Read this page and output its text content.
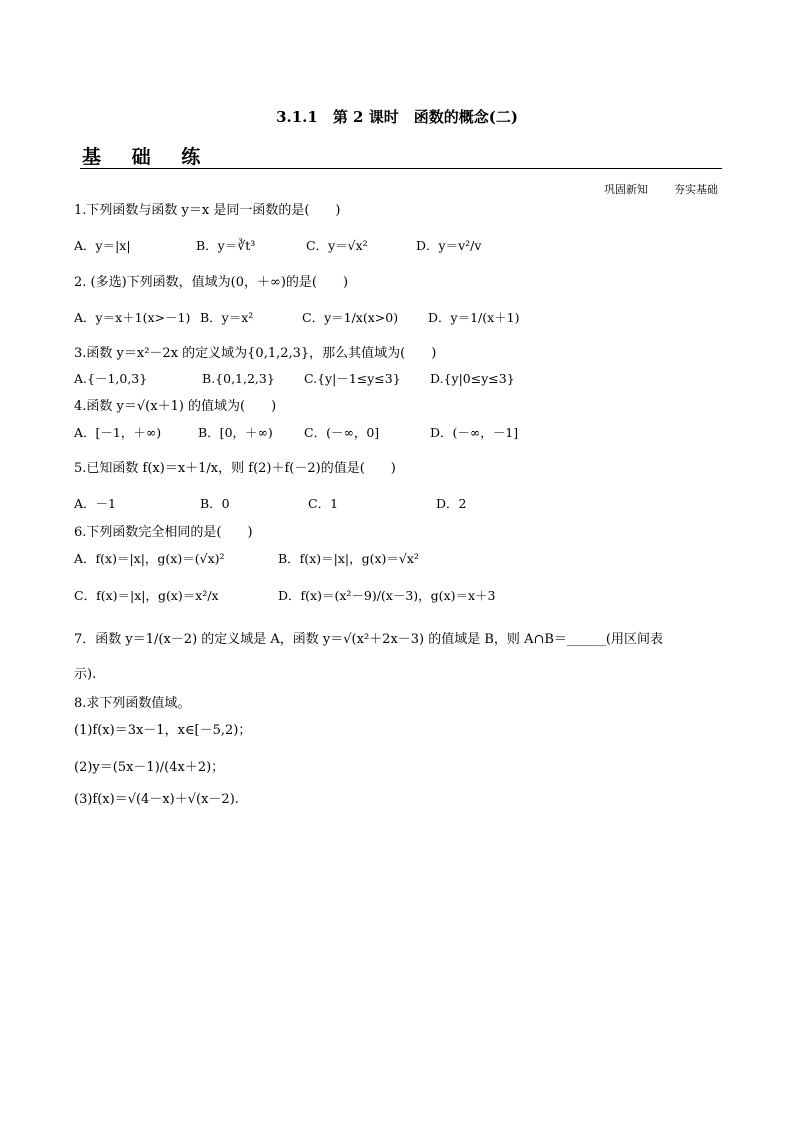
3.1.1　第 2 课时　函数的概念(二)
基 础 练
巩固新知 夯实基础
1.下列函数与函数 y＝x 是同一函数的是(　　)
A．y＝|x|	B．y＝∛t³	C．y＝√x²	D．y＝v²/v
2. (多选)下列函数，值域为(0，＋∞)的是(　　)
A．y＝x＋1(x>－1) B．y＝x²	C．y＝1/x(x>0) D．y＝1/(x＋1)
3.函数 y＝x²－2x 的定义域为{0,1,2,3}，那么其值域为(　　)
A.{－1,0,3}	B.{0,1,2,3} C.{y|－1≤y≤3} D.{y|0≤y≤3}
4.函数 y＝√(x＋1) 的值域为(　　)
A．[－1，＋∞)	B．[0，＋∞) C．(－∞，0]	D．(－∞，－1]
5.已知函数 f(x)＝x＋1/x，则 f(2)＋f(－2)的值是(　　)
A．－1	B．0	C．1	D．2
6.下列函数完全相同的是(　　)
A．f(x)＝|x|，g(x)＝(√x)²	B．f(x)＝|x|，g(x)＝√x²
C．f(x)＝|x|，g(x)＝x²/x	D．f(x)＝(x²－9)/(x－3)，g(x)＝x＋3
7．函数 y＝1/(x－2) 的定义域是 A，函数 y＝√(x²＋2x－3) 的值域是 B，则 A∩B＝______(用区间表
示).
8.求下列函数值域。
(1)f(x)＝3x－1，x∈[－5,2)；
(2)y＝(5x－1)/(4x＋2)；
(3)f(x)＝√(4－x)＋√(x－2).
